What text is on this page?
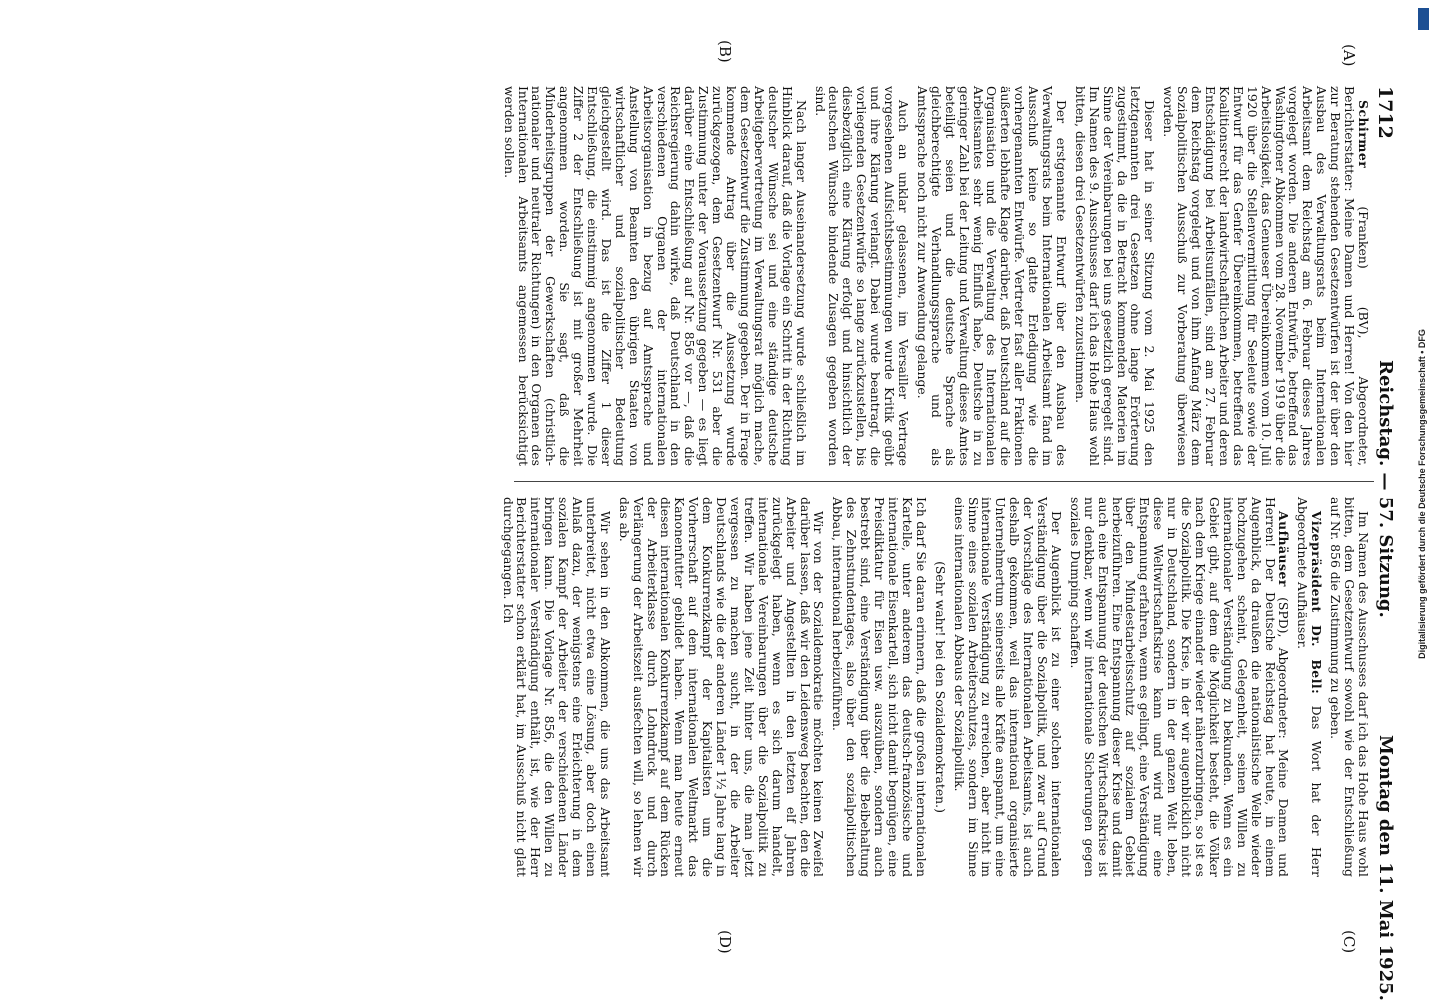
1712
Reichstag. — 57. Sitzung.
Montag den 11. Mai 1925.
(A)
(B)
(C)
(D)

Schirmer (Franken) (BV), Abgeordneter, Berichterstatter: Meine Damen und Herren! Von den hier zur Beratung stehenden Gesetzentwürfen ist der über den Ausbau des Verwaltungsrats beim Internationalen Arbeitsamt dem Reichstag am 6. Februar dieses Jahres vorgelegt worden. Die anderen Entwürfe, betreffend das Washingtoner Abkommen vom 28. November 1919 über die Arbeitslosigkeit, das Genueser Übereinkommen vom 10. Juli 1920 über die Stellenvermittlung für Seeleute sowie der Entwurf für das Genfer Übereinkommen, betreffend das Koalitionsrecht der landwirtschaftlichen Arbeiter und deren Entschädigung bei Arbeitsunfällen, sind am 27. Februar dem Reichstag vorgelegt und von ihm Anfang März dem Sozialpolitischen Ausschuß zur Vorberatung überwiesen worden.

Dieser hat in seiner Sitzung vom 2. Mai 1925 den letztgenannten drei Gesetzen ohne lange Erörterung zugestimmt, da die in Betracht kommenden Materien im Sinne der Vereinbarungen bei uns gesetzlich geregelt sind. Im Namen des 9. Ausschusses darf ich das Hohe Haus wohl bitten, diesen drei Gesetzentwürfen zuzustimmen.

Der erstgenannte Entwurf über den Ausbau des Verwaltungsrats beim Internationalen Arbeitsamt fand im Ausschuß keine so glatte Erledigung wie die vorhergenannten Entwürfe. Vertreter fast aller Fraktionen äußerten lebhafte Klage darüber, daß Deutschland auf die Organisation und die Verwaltung des Internationalen Arbeitsamtes sehr wenig Einfluß habe, Deutsche in zu geringer Zahl bei der Leitung und Verwaltung dieses Amtes beteiligt seien und die deutsche Sprache als gleichberechtigte Verhandlungssprache und als Amtssprache noch nicht zur Anwendung gelange.

Auch an unklar gelassenen, im Versailler Vertrage vorgesehenen Aufsichtsbestimmungen wurde Kritik geübt und ihre Klärung verlangt. Dabei wurde beantragt, die vorliegenden Gesetzentwürfe so lange zurückzustellen, bis diesbezüglich eine Klärung erfolgt und hinsichtlich der deutschen Wünsche bindende Zusagen gegeben worden sind.

Nach langer Auseinandersetzung wurde schließlich im Hinblick darauf, daß die Vorlage ein Schritt in der Richtung deutscher Wünsche sei und eine ständige deutsche Arbeitgebervertretung im Verwaltungsrat möglich mache, dem Gesetzentwurf die Zustimmung gegeben. Der in Frage kommende Antrag über die Aussetzung wurde zurückgezogen, dem Gesetzentwurf Nr. 531 aber die Zustimmung unter der Voraussetzung gegeben — es liegt darüber eine Entschließung auf Nr. 856 vor —, daß die Reichsregierung dahin wirke, daß Deutschland in den verschiedenen Organen der internationalen Arbeitsorganisation in bezug auf Amtssprache und Anstellung von Beamten den übrigen Staaten von wirtschaftlicher und sozialpolitischer Bedeutung gleichgestellt wird. Das ist die Ziffer 1 dieser Entschließung, die einstimmig angenommen wurde. Die Ziffer 2 der Entschließung ist mit großer Mehrheit angenommen worden. Sie sagt, daß die Minderheitsgruppen der Gewerkschaften (christlich-nationaler und neutraler Richtungen) in den Organen des Internationalen Arbeitsamts angemessen berücksichtigt werden sollen.

Im Namen des Ausschusses darf ich das Hohe Haus wohl bitten, dem Gesetzentwurf sowohl wie der Entschließung auf Nr. 856 die Zustimmung zu geben.

Vizepräsident Dr. Bell: Das Wort hat der Herr Abgeordnete Aufhäuser.

Aufhäuser (SPD), Abgeordneter: Meine Damen und Herren! Der Deutsche Reichstag hat heute, in einem Augenblick, da draußen die nationalistische Welle wieder hochzugehen scheint, Gelegenheit, seinen Willen zu internationaler Verständigung zu bekunden. Wenn es ein Gebiet gibt, auf dem die Möglichkeit besteht, die Völker nach dem Kriege einander wieder näherzubringen, so ist es die Sozialpolitik. Die Krise, in der wir augenblicklich nicht nur in Deutschland, sondern in der ganzen Welt leben, diese Weltwirtschaftskrise kann und wird nur eine Entspannung erfahren, wenn es gelingt, eine Verständigung über den Mindestarbeitsschutz auf sozialem Gebiet herbeizuführen. Eine Entspannung dieser Krise und damit auch eine Entspannung der deutschen Wirtschaftskrise ist nur denkbar, wenn wir internationale Sicherungen gegen soziales Dumping schaffen.

Der Augenblick ist zu einer solchen internationalen Verständigung über die Sozialpolitik, und zwar auf Grund der Vorschläge des Internationalen Arbeitsamts, ist auch deshalb gekommen, weil das international organisierte Unternehmertum seinerseits alle Kräfte anspannt, um eine internationale Verständigung zu erreichen, aber nicht im Sinne eines sozialen Arbeiterschutzes, sondern im Sinne eines internationalen Abbaus der Sozialpolitik.

(Sehr wahr! bei den Sozialdemokraten.)

Ich darf Sie daran erinnern, daß die großen internationalen Kartelle, unter anderem das deutsch-französische und internationale Eisenkartell, sich nicht damit begnügen, eine Preisdiktatur für Eisen usw. auszuüben, sondern auch bestrebt sind, eine Verständigung über die Beibehaltung des Zehnstundentages, also über den sozialpolitischen Abbau, international herbeizuführen.

Wir von der Sozialdemokratie möchten keinen Zweifel darüber lassen, daß wir den Leidensweg beachten, den die Arbeiter und Angestellten in den letzten elf Jahren zurückgelegt haben, wenn es sich darum handelt, internationale Vereinbarungen über die Sozialpolitik zu treffen. Wir haben jene Zeit hinter uns, die man jetzt vergessen zu machen sucht, in der die Arbeiter Deutschlands wie die der anderen Länder 1½ Jahre lang in dem Konkurrenzkampf der Kapitalisten um die Vorherrschaft auf dem internationalen Weltmarkt das Kanonenfutter gebildet haben. Wenn man heute erneut diesen internationalen Konkurrenzkampf auf dem Rücken der Arbeiterklasse durch Lohndruck und durch Verlängerung der Arbeitszeit ausfechten will, so lehnen wir das ab.

Wir sehen in den Abkommen, die uns das Arbeitsamt unterbreitet, nicht etwa eine Lösung, aber doch einen Anlaß dazu, der wenigstens eine Erleichterung in dem sozialen Kampf der Arbeiter der verschiedenen Länder bringen kann. Die Vorlage Nr. 856, die den Willen zu internationaler Verständigung enthält, ist, wie der Herr Berichterstatter schon erklärt hat, im Ausschuß nicht glatt durchgegangen. Ich	Digitalisierung gefördert durch die Deutsche Forschungsgemeinschaft • DFG
